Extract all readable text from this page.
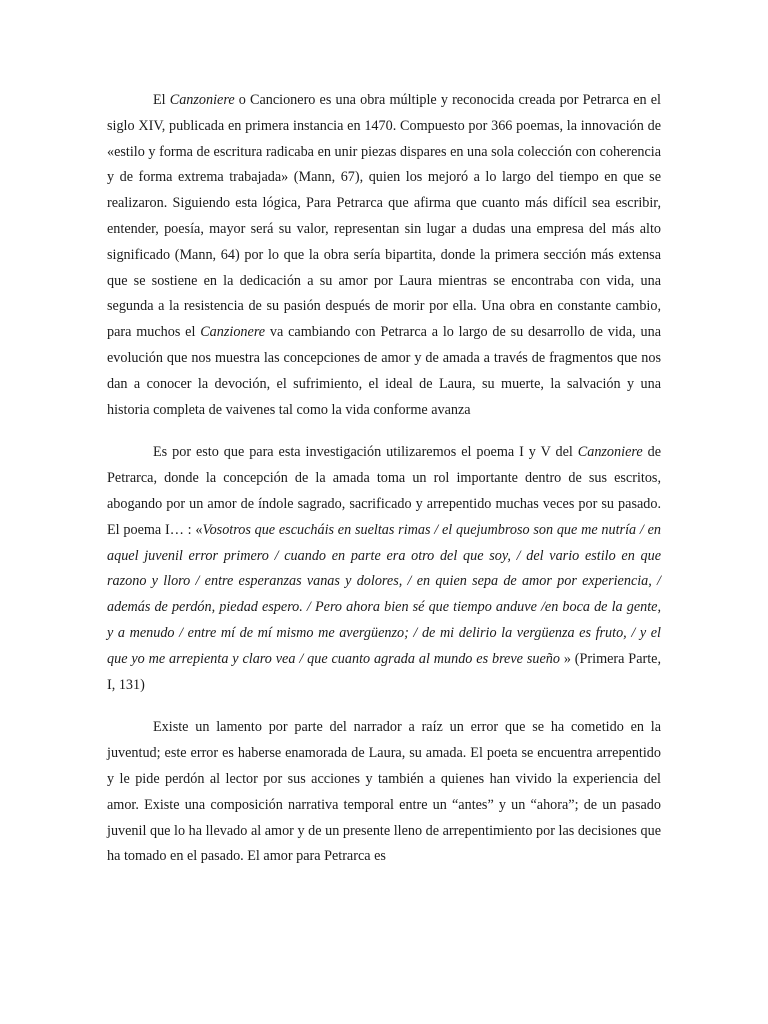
El Canzoniere o Cancionero es una obra múltiple y reconocida creada por Petrarca en el siglo XIV, publicada en primera instancia en 1470. Compuesto por 366 poemas, la innovación de «estilo y forma de escritura radicaba en unir piezas dispares en una sola colección con coherencia y de forma extrema trabajada» (Mann, 67), quien los mejoró a lo largo del tiempo en que se realizaron. Siguiendo esta lógica, Para Petrarca que afirma que cuanto más difícil sea escribir, entender, poesía, mayor será su valor, representan sin lugar a dudas una empresa del más alto significado (Mann, 64) por lo que la obra sería bipartita, donde la primera sección más extensa que se sostiene en la dedicación a su amor por Laura mientras se encontraba con vida, una segunda a la resistencia de su pasión después de morir por ella. Una obra en constante cambio, para muchos el Canzionere va cambiando con Petrarca a lo largo de su desarrollo de vida, una evolución que nos muestra las concepciones de amor y de amada a través de fragmentos que nos dan a conocer la devoción, el sufrimiento, el ideal de Laura, su muerte, la salvación y una historia completa de vaivenes tal como la vida conforme avanza

Es por esto que para esta investigación utilizaremos el poema I y V del Canzoniere de Petrarca, donde la concepción de la amada toma un rol importante dentro de sus escritos, abogando por un amor de índole sagrado, sacrificado y arrepentido muchas veces por su pasado. El poema I… : «Vosotros que escucháis en sueltas rimas / el quejumbroso son que me nutría / en aquel juvenil error primero / cuando en parte era otro del que soy, / del vario estilo en que razono y lloro / entre esperanzas vanas y dolores, / en quien sepa de amor por experiencia, / además de perdón, piedad espero. / Pero ahora bien sé que tiempo anduve /en boca de la gente, y a menudo / entre mí de mí mismo me avergüenzo; / de mi delirio la vergüenza es fruto, / y el que yo me arrepienta y claro vea / que cuanto agrada al mundo es breve sueño » (Primera Parte, I, 131)

Existe un lamento por parte del narrador a raíz un error que se ha cometido en la juventud; este error es haberse enamorada de Laura, su amada. El poeta se encuentra arrepentido y le pide perdón al lector por sus acciones y también a quienes han vivido la experiencia del amor. Existe una composición narrativa temporal entre un “antes” y un “ahora”; de un pasado juvenil que lo ha llevado al amor y de un presente lleno de arrepentimiento por las decisiones que ha tomado en el pasado. El amor para Petrarca es
